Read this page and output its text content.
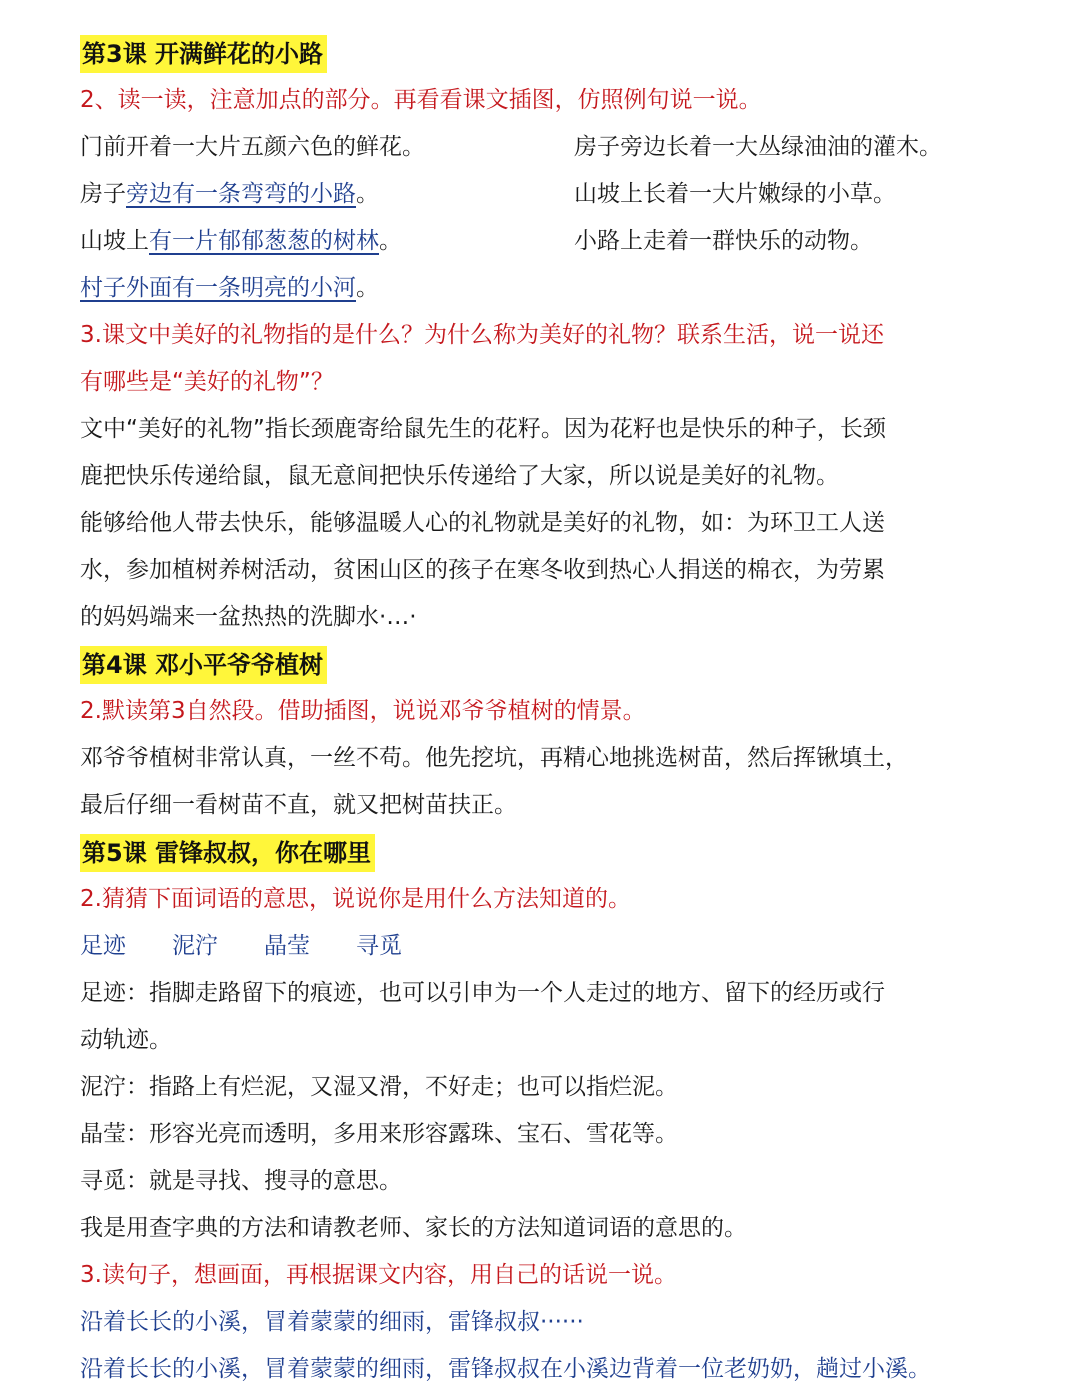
第3课 开满鲜花的小路
2、读一读，注意加点的部分。再看看课文插图，仿照例句说一说。
门前开着一大片五颜六色的鲜花。	房子旁边长着一大丛绿油油的灌木。
房子旁边有一条弯弯的小路。	山坡上长着一大片嫩绿的小草。
山坡上有一片郁郁葱葱的树林。	小路上走着一群快乐的动物。
村子外面有一条明亮的小河。
3.课文中美好的礼物指的是什么？为什么称为美好的礼物？联系生活，说一说还
有哪些是“美好的礼物”？
文中“美好的礼物”指长颈鹿寄给鼠先生的花籽。因为花籽也是快乐的种子，长颈
鹿把快乐传递给鼠，鼠无意间把快乐传递给了大家，所以说是美好的礼物。
能够给他人带去快乐，能够温暖人心的礼物就是美好的礼物，如：为环卫工人送
水，参加植树养树活动，贫困山区的孩子在寒冬收到热心人捐送的棉衣，为劳累
的妈妈端来一盆热热的洗脚水·…·
第4课 邓小平爷爷植树
2.默读第3自然段。借助插图，说说邓爷爷植树的情景。
邓爷爷植树非常认真，一丝不苟。他先挖坑，再精心地挑选树苗，然后挥锹填土，
最后仔细一看树苗不直，就又把树苗扶正。
第5课 雷锋叔叔，你在哪里
2.猜猜下面词语的意思，说说你是用什么方法知道的。
足迹 泥泞 晶莹 寻觅
足迹：指脚走路留下的痕迹，也可以引申为一个人走过的地方、留下的经历或行
动轨迹。
泥泞：指路上有烂泥，又湿又滑，不好走；也可以指烂泥。
晶莹：形容光亮而透明，多用来形容露珠、宝石、雪花等。
寻觅：就是寻找、搜寻的意思。
我是用查字典的方法和请教老师、家长的方法知道词语的意思的。
3.读句子，想画面，再根据课文内容，用自己的话说一说。
沿着长长的小溪，冒着蒙蒙的细雨，雷锋叔叔······
沿着长长的小溪，冒着蒙蒙的细雨，雷锋叔叔在小溪边背着一位老奶奶，趟过小溪。
